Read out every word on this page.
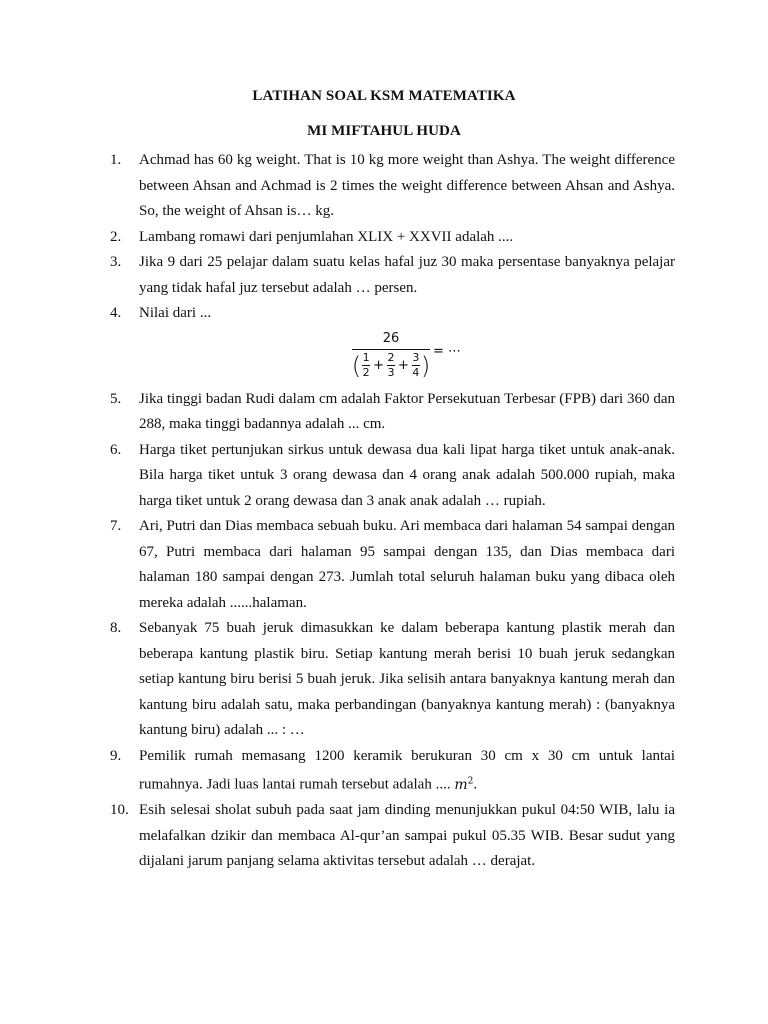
LATIHAN SOAL KSM MATEMATIKA
MI MIFTAHUL HUDA
1.	Achmad has 60 kg weight. That is 10 kg more weight than Ashya. The weight difference between Ahsan and Achmad is 2 times the weight difference between Ahsan and Ashya. So, the weight of Ahsan is… kg.
2.	Lambang romawi dari penjumlahan XLIX + XXVII adalah ....
3.	Jika 9 dari 25 pelajar dalam suatu kelas hafal juz 30 maka persentase banyaknya pelajar yang tidak hafal juz tersebut adalah … persen.
4.	Nilai dari ...
26
( $\frac{1}{2} + \frac{2}{3} + \frac{3}{4}$ )
= ⋯
5.	Jika tinggi badan Rudi dalam cm adalah Faktor Persekutuan Terbesar (FPB) dari 360 dan 288, maka tinggi badannya adalah ... cm.
6.	Harga tiket pertunjukan sirkus untuk dewasa dua kali lipat harga tiket untuk anak-anak. Bila harga tiket untuk 3 orang dewasa dan 4 orang anak adalah 500.000 rupiah, maka harga tiket untuk 2 orang dewasa dan 3 anak anak adalah … rupiah.
7.	Ari, Putri dan Dias membaca sebuah buku. Ari membaca dari halaman 54 sampai dengan 67, Putri membaca dari halaman 95 sampai dengan 135, dan Dias membaca dari halaman 180 sampai dengan 273. Jumlah total seluruh halaman buku yang dibaca oleh mereka adalah ......halaman.
8.	Sebanyak 75 buah jeruk dimasukkan ke dalam beberapa kantung plastik merah dan beberapa kantung plastik biru. Setiap kantung merah berisi 10 buah jeruk sedangkan setiap kantung biru berisi 5 buah jeruk. Jika selisih antara banyaknya kantung merah dan kantung biru adalah satu, maka perbandingan (banyaknya kantung merah) : (banyaknya kantung biru) adalah ... : …
9.	Pemilik rumah memasang 1200 keramik berukuran 30 cm x 30 cm untuk lantai rumahnya. Jadi luas lantai rumah tersebut adalah .... $m^2$.
10. Esih selesai sholat subuh pada saat jam dinding menunjukkan pukul 04:50 WIB, lalu ia melafalkan dzikir dan membaca Al-qur’an sampai pukul 05.35 WIB. Besar sudut yang dijalani jarum panjang selama aktivitas tersebut adalah … derajat.
